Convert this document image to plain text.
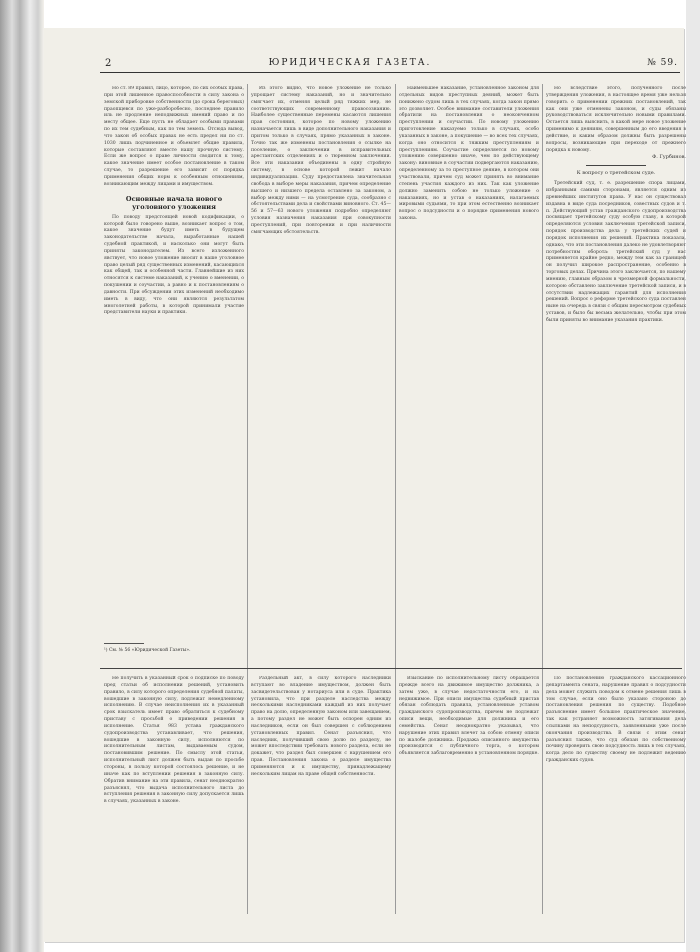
2	ЮРИДИЧЕСКАЯ ГАЗЕТА.	№ 59.

Но ст. 89 правил, лицо, которое, по сих особых права, при этой лишенное правоспособности в силу закона о земской приборовке собственности (до срока береговых) праопщевся по уже-разборобесно, последнее правило иль не продление неподвижных имений право и по месту общее. Еще пусть не обладает особыми правами по их тем судебным, как по тем земель. Отсюда вывод, что закон об особых правах не есть предел ни по ст. 1030 лишь подчиненное и объемлет общие правила, которые составляют вместе нашу прочную систему. Если же вопрос о праве личности сводится к тому, какое значение имеет особое постановление в таком случае, то разрешение его зависит от порядка применения общих норм к особенным отношениям, возникающим между лицами и имуществом.

Основные начала нового уголовного уложения

По поводу предстоящей новой кодификации, о которой было говорено выше, возникает вопрос о том, какое значение будут иметь в будущем законодательстве начала, выработанные нашей судебной практикой, и насколько они могут быть приняты законодателем. Из всего изложенного явствует, что новое уложение вносит в наше уголовное право целый ряд существенных изменений, касающихся как общей, так и особенной части. Главнейшие из них относятся к системе наказаний, к учению о вменении, о покушении и соучастии, а равно и к постановлениям о давности. При обсуждении этих изменений необходимо иметь в виду, что они являются результатом многолетней работы, в которой принимали участие представители науки и практики.

Из этого видно, что новое уложение не только упрощает систему наказаний, но и значительно смягчает их, отменяя целый ряд тяжких мер, не соответствующих современному правосознанию. Наиболее существенные перемены касаются лишения прав состояния, которое по новому уложению назначается лишь в виде дополнительного наказания и притом только в случаях, прямо указанных в законе. Точно так же изменены постановления о ссылке на поселение, о заключении в исправительных арестантских отделениях и о тюремном заключении. Все эти наказания объединены в одну стройную систему, в основе которой лежит начало индивидуализации. Суду предоставлена значительная свобода в выборе меры наказания, причем определение высшего и низшего предела оставлено за законом, а выбор между ними — на усмотрение суда, сообразно с обстоятельствами дела и свойствами виновного. Ст. 45—56 и 57—63 нового уложения подробно определяют условия назначения наказания при совокупности преступлений, при повторении и при наличности смягчающих обстоятельств.

Наименьшее наказание, установленное законом для отдельных видов преступных деяний, может быть понижено судом лишь в тех случаях, когда закон прямо это дозволяет. Особое внимание составители уложения обратили на постановления о неоконченном преступлении и соучастии. По новому уложению приготовление наказуемо только в случаях, особо указанных в законе, а покушение — во всех тех случаях, когда оно относится к тяжким преступлениям и преступлениям. Соучастие определяется по новому уложению совершенно иначе, чем по действующему закону: виновные в соучастии подвергаются наказанию, определенному за то преступное деяние, в котором они участвовали, причем суд может принять во внимание степень участия каждого из них. Так как уложение должно заменить собою не только уложение о наказаниях, но и устав о наказаниях, налагаемых мировыми судьями, то при этом естественно возникает вопрос о подсудности и о порядке применения нового закона.

Но вследствие этого, полученного после утверждения уложения, в настоящее время уже нельзя говорить о применении прежних постановлений, так как они уже отменены законом, и суды обязаны руководствоваться исключительно новыми правилами. Остается лишь выяснить, в какой мере новое уложение применимо к деяниям, совершенным до его введения в действие, и каким образом должны быть разрешены вопросы, возникающие при переходе от прежнего порядка к новому.

Ф. Гурбинов.
К вопросу о третейском суде.

Третейский суд, т. е. разрешение спора лицами, избранными самими сторонами, является одним из древнейших институтов права. У нас он существовал издавна в виде суда посредников, совестных судов и т. п. Действующий устав гражданского судопроизводства посвящает третейскому суду особую главу, в которой определяются условия заключения третейской записи, порядок производства дела у третейских судей и порядок исполнения их решений. Практика показала, однако, что эти постановления далеко не удовлетворяют потребностям оборота: третейский суд у нас применяется крайне редко, между тем как за границей он получил широкое распространение, особенно в торговых делах. Причина этого заключается, по нашему мнению, главным образом в чрезмерной формальности, которою обставлено заключение третейской записи, и в отсутствии надлежащих гарантий для исполнения решений. Вопрос о реформе третейского суда поставлен ныне на очередь в связи с общим пересмотром судебных уставов, и было бы весьма желательно, чтобы при этом были приняты во внимание указания практики.

¹) См. № 56 «Юридической Газеты».

Не получить в указанный срок о подписке по поводу пред статьи об исполнении решений, установить правило, в силу которого определения судебной палаты, вошедшие в законную силу, подлежат немедленному исполнению. В случае неисполнения их в указанный срок взыскатель имеет право обратиться к судебному приставу с просьбой о приведении решения в исполнение. Статья 983 устава гражданского судопроизводства устанавливает, что решения, вошедшие в законную силу, исполняются по исполнительным листам, выдаваемым судом, постановившим решение. По смыслу этой статьи, исполнительный лист должен быть выдан по просьбе стороны, в пользу которой состоялось решение, и не иначе как по вступлении решения в законную силу. Обратив внимание на эти правила, сенат неоднократно разъяснял, что выдача исполнительного листа до вступления решения в законную силу допускается лишь в случаях, указанных в законе.

Раздельный акт, в силу которого наследники вступают во владение имуществом, должен быть засвидетельствован у нотариуса или в суде. Практика установила, что при разделе наследства между несколькими наследниками каждый из них получает право на долю, определенную законом или завещанием, а потому раздел не может быть оспорен одним из наследников, если он был совершен с соблюдением установленных правил. Сенат разъяснил, что наследник, получивший свою долю по разделу, не может впоследствии требовать нового раздела, если не докажет, что раздел был совершен с нарушением его прав. Постановления закона о разделе имущества применяются и к имуществу, принадлежащему нескольким лицам на праве общей собственности.

Взыскание по исполнительному листу обращается прежде всего на движимое имущество должника, а затем уже, в случае недостаточности его, и на недвижимое. При описи имущества судебный пристав обязан соблюдать правила, установленные уставом гражданского судопроизводства, причем не подлежат описи вещи, необходимые для должника и его семейства. Сенат неоднократно указывал, что нарушение этих правил влечет за собою отмену описи по жалобе должника. Продажа описанного имущества производится с публичного торга, о котором объявляется заблаговременно в установленном порядке.

По постановлению гражданского кассационного департамента сената, нарушение правил о подсудности дела может служить поводом к отмене решения лишь в том случае, если оно было указано стороною до постановления решения по существу. Подобное разъяснение имеет большое практическое значение, так как устраняет возможность затягивания дела ссылками на неподсудность, заявленными уже после окончания производства. В связи с этим сенат разъяснил также, что суд обязан по собственному почину проверить свою подсудность лишь в тех случаях, когда дело по существу своему не подлежит ведению гражданских судов.
